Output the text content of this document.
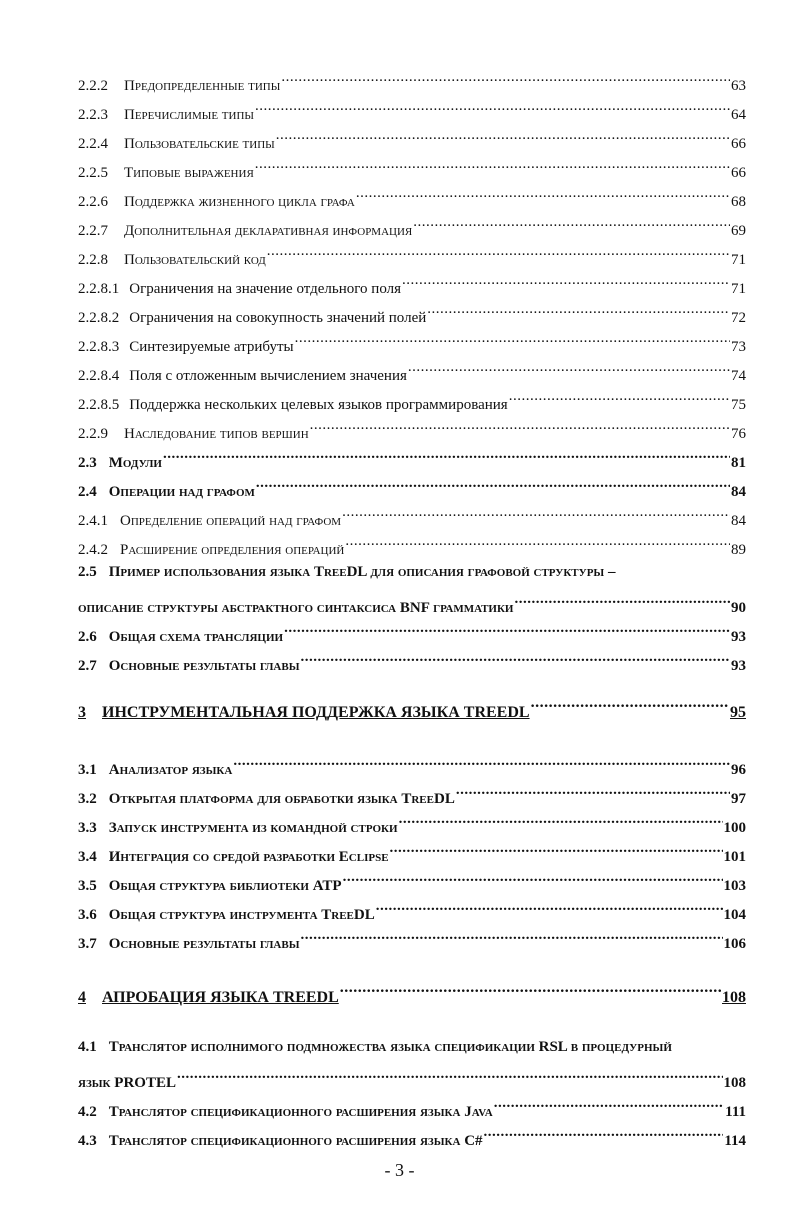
2.2.2 Предопределенные типы .....	63
2.2.3 Перечислимые типы .....	64
2.2.4 Пользовательские типы .....	66
2.2.5 Типовые выражения .....	66
2.2.6 Поддержка жизненного цикла графа .....	68
2.2.7 Дополнительная декларативная информация .....	69
2.2.8 Пользовательский код .....	71
2.2.8.1 Ограничения на значение отдельного поля .....	71
2.2.8.2 Ограничения на совокупность значений полей .....	72
2.2.8.3 Синтезируемые атрибуты .....	73
2.2.8.4 Поля с отложенным вычислением значения .....	74
2.2.8.5 Поддержка нескольких целевых языков программирования .....	75
2.2.9 Наследование типов вершин .....	76
2.3 Модули .....	81
2.4 Операции над графом .....	84
2.4.1 Определение операций над графом .....	84
2.4.2 Расширение определения операций .....	89
2.5 Пример использования языка TreeDL для описания графовой структуры –
описание структуры абстрактного синтаксиса BNF грамматики .....	90
2.6 Общая схема трансляции .....	93
2.7 Основные результаты главы .....	93
3 ИНСТРУМЕНТАЛЬНАЯ ПОДДЕРЖКА ЯЗЫКА TREEDL .....	95
3.1 Анализатор языка .....	96
3.2 Открытая платформа для обработки языка TreeDL .....	97
3.3 Запуск инструмента из командной строки .....	100
3.4 Интеграция со средой разработки Eclipse .....	101
3.5 Общая структура библиотеки ATP .....	103
3.6 Общая структура инструмента TreeDL .....	104
3.7 Основные результаты главы .....	106
4 АПРОБАЦИЯ ЯЗЫКА TREEDL .....	108
4.1 Транслятор исполнимого подмножества языка спецификации RSL в процедурный
язык PROTEL .....	108
4.2 Транслятор спецификационного расширения языка Java .....	111
4.3 Транслятор спецификационного расширения языка C# .....	114
- 3 -
